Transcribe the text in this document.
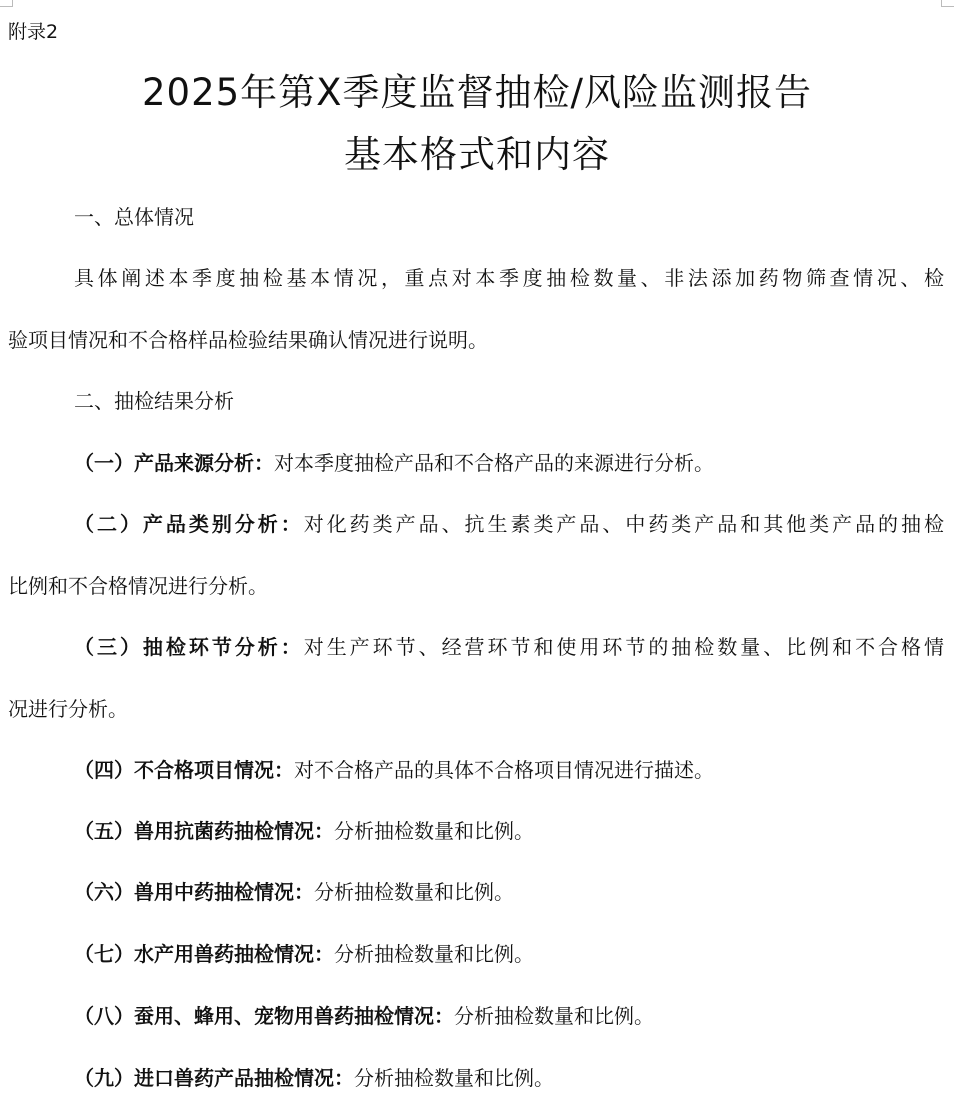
附录2
2025年第X季度监督抽检/风险监测报告
基本格式和内容
一、总体情况
具体阐述本季度抽检基本情况，重点对本季度抽检数量、非法添加药物筛查情况、检
验项目情况和不合格样品检验结果确认情况进行说明。
二、抽检结果分析
（一）产品来源分析：对本季度抽检产品和不合格产品的来源进行分析。
（二）产品类别分析：对化药类产品、抗生素类产品、中药类产品和其他类产品的抽检
比例和不合格情况进行分析。
（三）抽检环节分析：对生产环节、经营环节和使用环节的抽检数量、比例和不合格情
况进行分析。
（四）不合格项目情况：对不合格产品的具体不合格项目情况进行描述。
（五）兽用抗菌药抽检情况：分析抽检数量和比例。
（六）兽用中药抽检情况：分析抽检数量和比例。
（七）水产用兽药抽检情况：分析抽检数量和比例。
（八）蚕用、蜂用、宠物用兽药抽检情况：分析抽检数量和比例。
（九）进口兽药产品抽检情况：分析抽检数量和比例。
